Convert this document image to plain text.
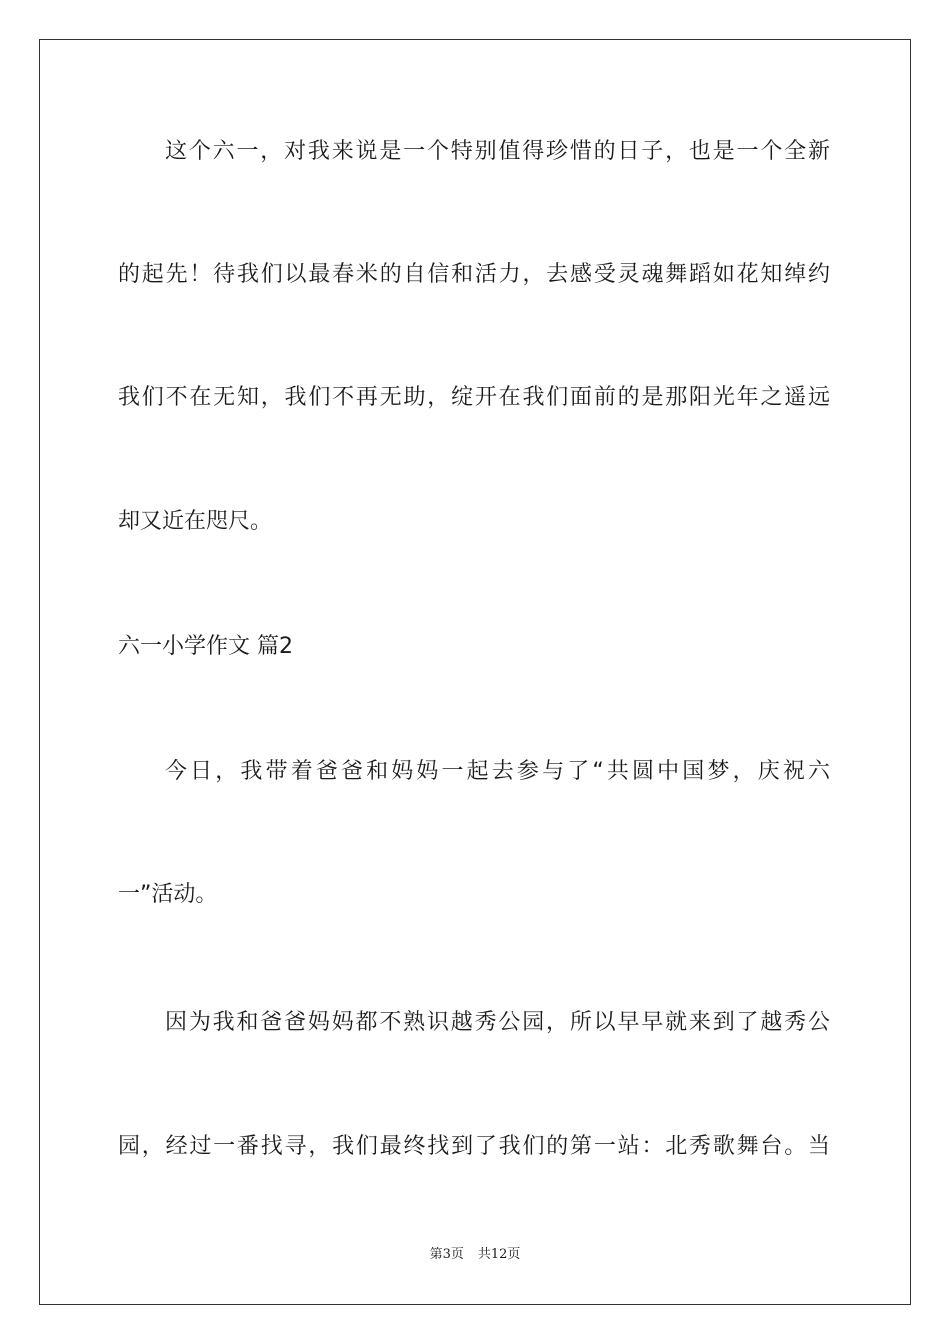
这个六一，对我来说是一个特别值得珍惜的日子，也是一个全新
的起先！待我们以最春米的自信和活力，去感受灵魂舞蹈如花知绰约
我们不在无知，我们不再无助，绽开在我们面前的是那阳光年之遥远
却又近在咫尺。
六一小学作文 篇2
今日，我带着爸爸和妈妈一起去参与了“共圆中国梦，庆祝六
一”活动。
因为我和爸爸妈妈都不熟识越秀公园，所以早早就来到了越秀公
园，经过一番找寻，我们最终找到了我们的第一站：北秀歌舞台。当
第3页 共12页
